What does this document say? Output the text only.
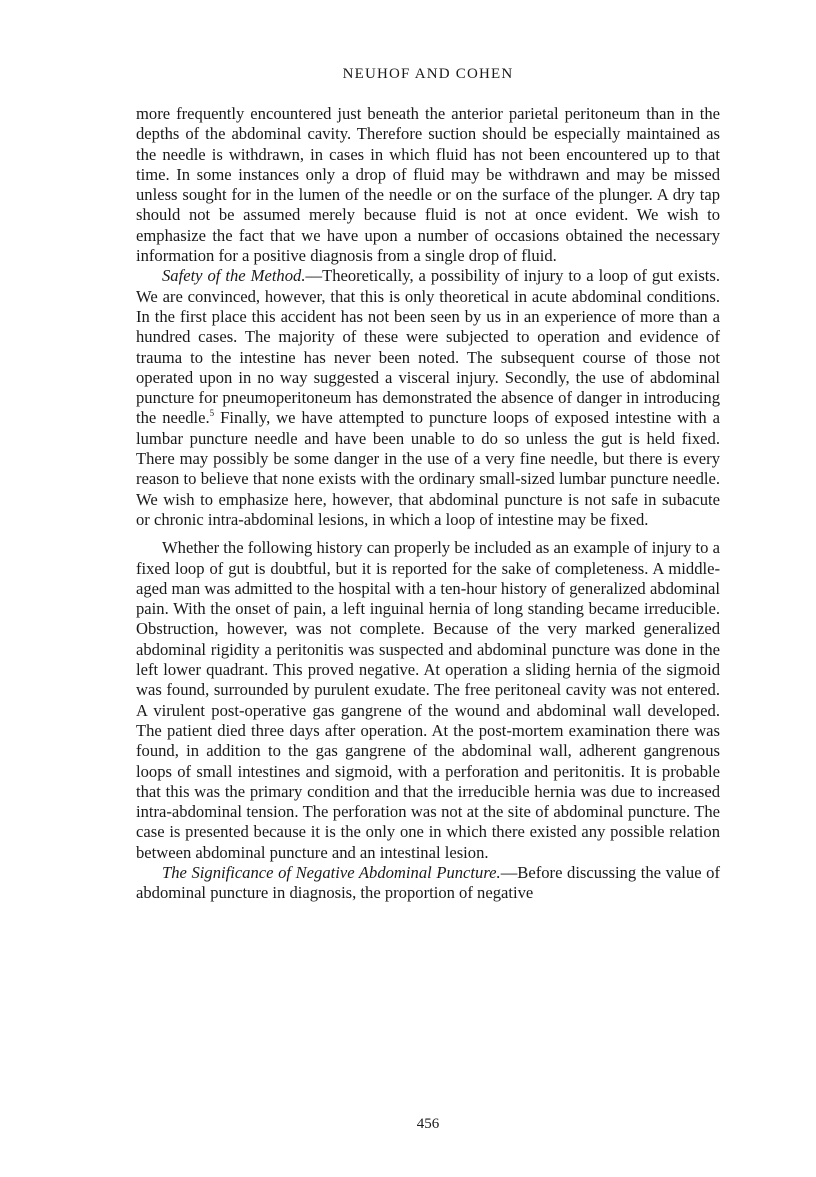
NEUHOF AND COHEN

more frequently encountered just beneath the anterior parietal peritoneum than in the depths of the abdominal cavity. Therefore suction should be especially maintained as the needle is withdrawn, in cases in which fluid has not been encountered up to that time. In some instances only a drop of fluid may be withdrawn and may be missed unless sought for in the lumen of the needle or on the surface of the plunger. A dry tap should not be assumed merely because fluid is not at once evident. We wish to emphasize the fact that we have upon a number of occasions obtained the necessary information for a positive diagnosis from a single drop of fluid.

Safety of the Method.—Theoretically, a possibility of injury to a loop of gut exists. We are convinced, however, that this is only theoretical in acute abdominal conditions. In the first place this accident has not been seen by us in an experience of more than a hundred cases. The majority of these were subjected to operation and evidence of trauma to the intestine has never been noted. The subsequent course of those not operated upon in no way suggested a visceral injury. Secondly, the use of abdominal puncture for pneumoperitoneum has demonstrated the absence of danger in introducing the needle.$^5$ Finally, we have attempted to puncture loops of exposed intestine with a lumbar puncture needle and have been unable to do so unless the gut is held fixed. There may possibly be some danger in the use of a very fine needle, but there is every reason to believe that none exists with the ordinary small-sized lumbar puncture needle. We wish to emphasize here, however, that abdominal puncture is not safe in subacute or chronic intra-abdominal lesions, in which a loop of intestine may be fixed.

Whether the following history can properly be included as an example of injury to a fixed loop of gut is doubtful, but it is reported for the sake of completeness. A middle-aged man was admitted to the hospital with a ten-hour history of generalized abdominal pain. With the onset of pain, a left inguinal hernia of long standing became irreducible. Obstruction, however, was not complete. Because of the very marked generalized abdominal rigidity a peritonitis was suspected and abdominal puncture was done in the left lower quadrant. This proved negative. At operation a sliding hernia of the sigmoid was found, surrounded by purulent exudate. The free peritoneal cavity was not entered. A virulent post-operative gas gangrene of the wound and abdominal wall developed. The patient died three days after operation. At the post-mortem examination there was found, in addition to the gas gangrene of the abdominal wall, adherent gangrenous loops of small intestines and sigmoid, with a perforation and peritonitis. It is probable that this was the primary condition and that the irreducible hernia was due to increased intra-abdominal tension. The perforation was not at the site of abdominal puncture. The case is presented because it is the only one in which there existed any possible relation between abdominal puncture and an intestinal lesion.

The Significance of Negative Abdominal Puncture.—Before discussing the value of abdominal puncture in diagnosis, the proportion of negative

456
